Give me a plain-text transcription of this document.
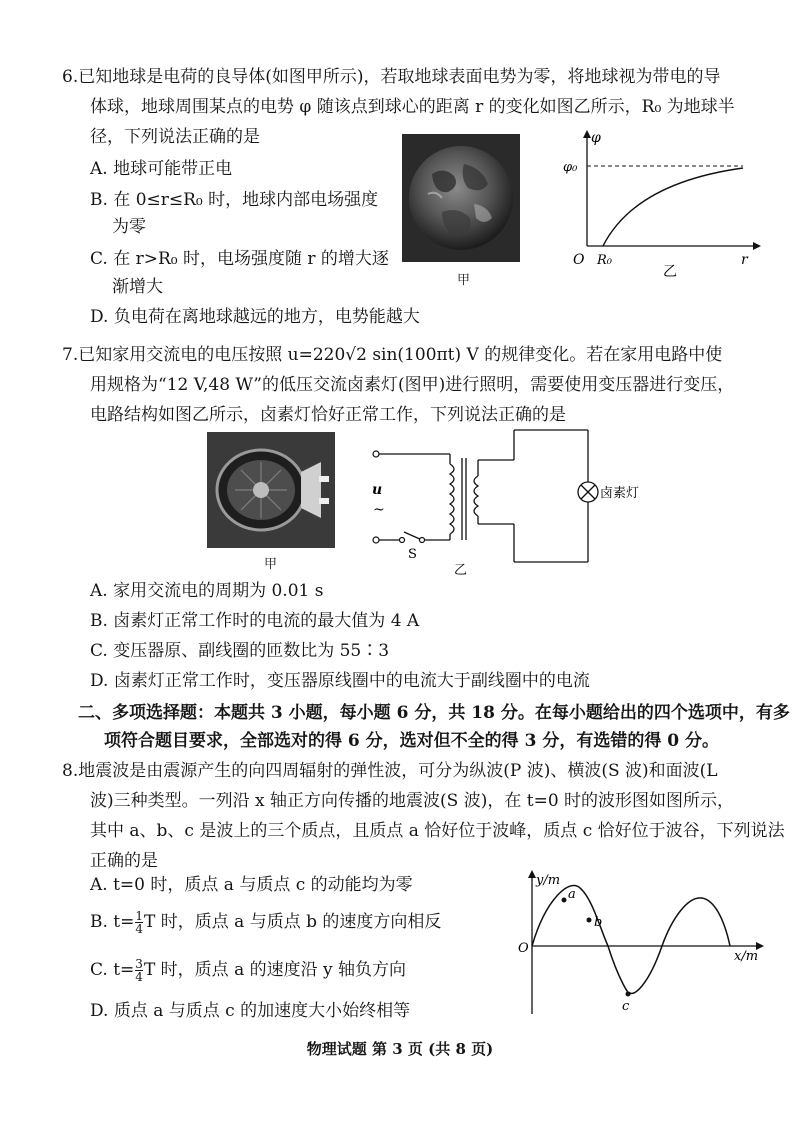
6.已知地球是电荷的良导体(如图甲所示)，若取地球表面电势为零，将地球视为带电的导
体球，地球周围某点的电势 φ 随该点到球心的距离 r 的变化如图乙所示，R₀ 为地球半
径，下列说法正确的是
A. 地球可能带正电
B. 在 0≤r≤R₀ 时，地球内部电场强度
为零
C. 在 r>R₀ 时，电场强度随 r 的增大逐
渐增大
D. 负电荷在离地球越远的地方，电势能越大
甲
φ
φ₀
O R₀	r
乙
7.已知家用交流电的电压按照 u=220√2 sin(100πt) V 的规律变化。若在家用电路中使
用规格为“12 V,48 W”的低压交流卤素灯(图甲)进行照明，需要使用变压器进行变压，
电路结构如图乙所示，卤素灯恰好正常工作，下列说法正确的是
甲
u
~
S
卤素灯
乙
A. 家用交流电的周期为 0.01 s
B. 卤素灯正常工作时的电流的最大值为 4 A
C. 变压器原、副线圈的匝数比为 55∶3
D. 卤素灯正常工作时，变压器原线圈中的电流大于副线圈中的电流
二、多项选择题：本题共 3 小题，每小题 6 分，共 18 分。在每小题给出的四个选项中，有多
项符合题目要求，全部选对的得 6 分，选对但不全的得 3 分，有选错的得 0 分。
8.地震波是由震源产生的向四周辐射的弹性波，可分为纵波(P 波)、横波(S 波)和面波(L
波)三种类型。一列沿 x 轴正方向传播的地震波(S 波)，在 t=0 时的波形图如图所示，
其中 a、b、c 是波上的三个质点，且质点 a 恰好位于波峰，质点 c 恰好位于波谷，下列说法
正确的是
A. t=0 时，质点 a 与质点 c 的动能均为零
B. $t= \frac{1}{4}$ T 时，质点 a 与质点 b 的速度方向相反
C. $t= \frac{3}{4}$ T 时，质点 a 的速度沿 y 轴负方向
D. 质点 a 与质点 c 的加速度大小始终相等
y/m
x/m
O
a
b
c
物理试题 第 3 页 (共 8 页)
